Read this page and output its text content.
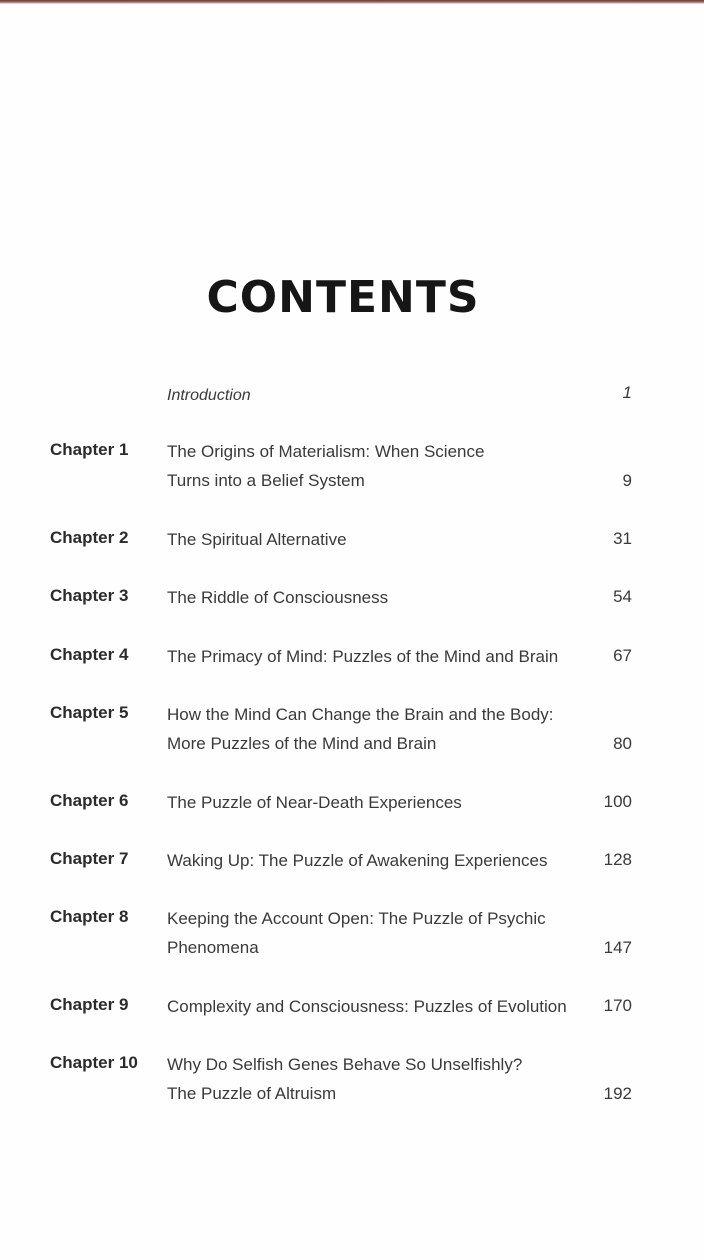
CONTENTS
Introduction	1
Chapter 1 The Origins of Materialism: When Science
Turns into a Belief System	9
Chapter 2 The Spiritual Alternative	31
Chapter 3 The Riddle of Consciousness	54
Chapter 4 The Primacy of Mind: Puzzles of the Mind and Brain	67
Chapter 5 How the Mind Can Change the Brain and the Body:
More Puzzles of the Mind and Brain	80
Chapter 6 The Puzzle of Near-Death Experiences	100
Chapter 7 Waking Up: The Puzzle of Awakening Experiences	128
Chapter 8 Keeping the Account Open: The Puzzle of Psychic
Phenomena	147
Chapter 9 Complexity and Consciousness: Puzzles of Evolution	170
Chapter 10 Why Do Selfish Genes Behave So Unselfishly?
The Puzzle of Altruism	192
